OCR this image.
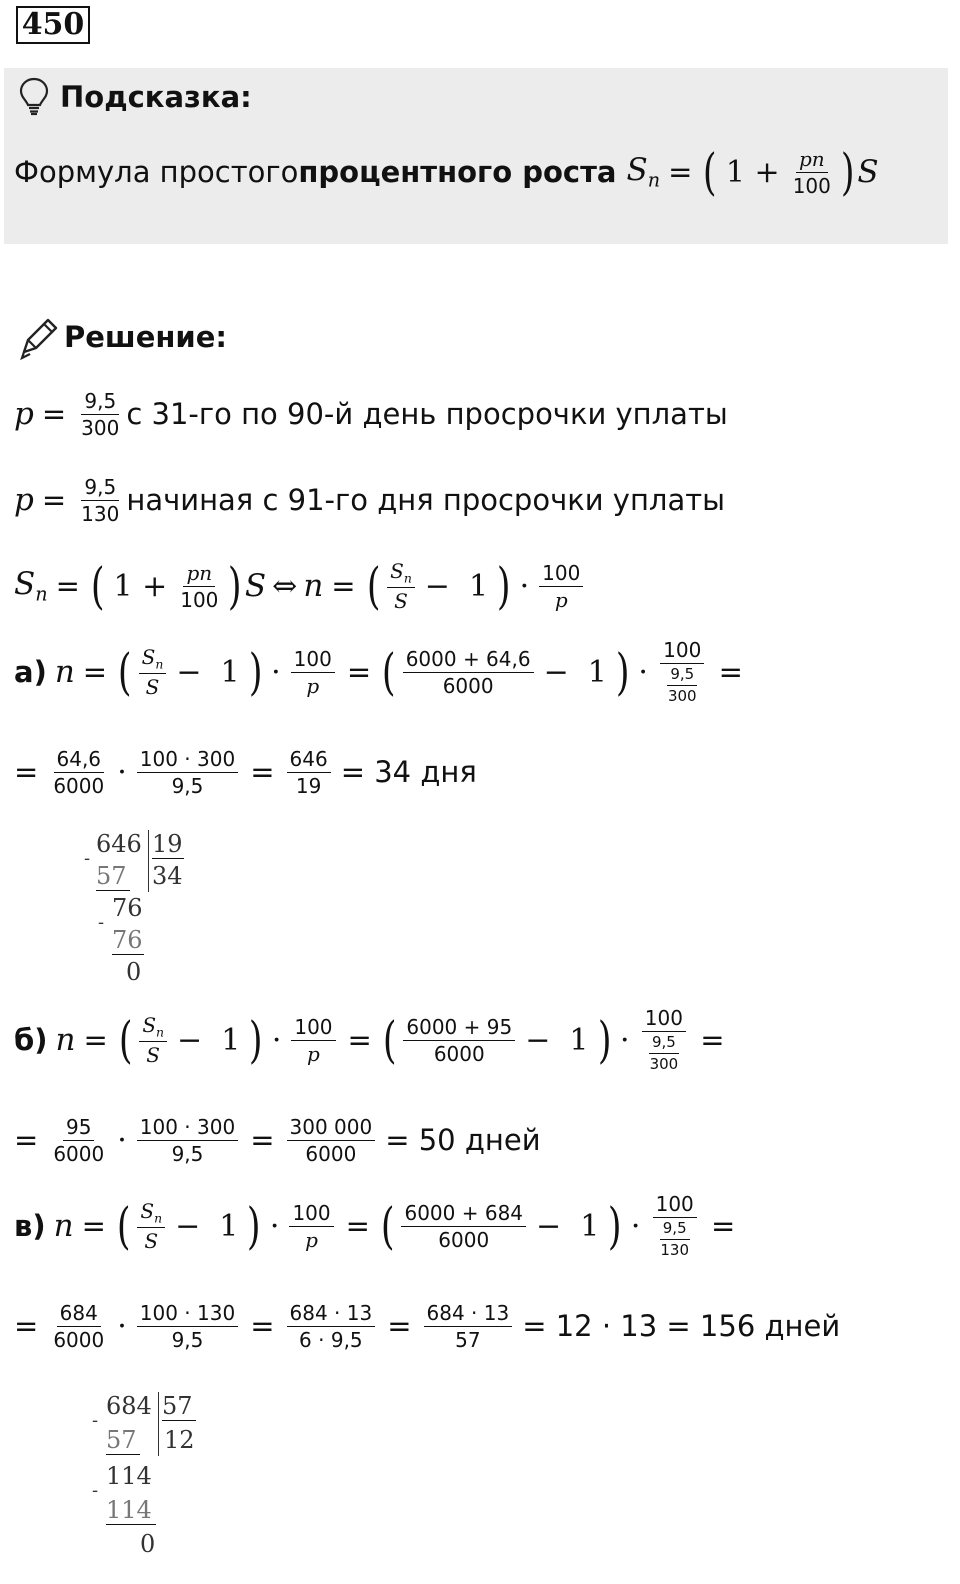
450
Подсказка:
Формула простого процентного роста $S_n$ = ( $1 + \frac{pn}{100}$ ) S
Решение:
$p = \frac{9,5}{300}$ с 31-го по 90-й день просрочки уплаты
$p = \frac{9,5}{130}$ начиная с 91-го дня просрочки уплаты
$S_n$ = ( $1 + \frac{pn}{100}$ ) S ⇔ n = ( $\frac{S_n}{S} - 1$ ) · $\frac{100}{p}$
а) n = ( $\frac{S_n}{S} - 1$ ) · $\frac{100}{p}$ = ( $\frac{6000 + 64,6}{6000} - 1$ ) · $\frac{100}{\frac{9,5}{300}}$ =
= $\frac{64,6}{6000} \cdot \frac{100 \cdot 300}{9,5} = \frac{646}{19} = 34$ дня
646 19
-
57 34
76
-
76
0
б) n = ( $\frac{S_n}{S} - 1$ ) · $\frac{100}{p}$ = ( $\frac{6000 + 95}{6000} - 1$ ) · $\frac{100}{\frac{9,5}{300}}$ =
= $\frac{95}{6000} \cdot \frac{100 \cdot 300}{9,5} = \frac{300 000}{6000} = 50$ дней
в) n = ( $\frac{S_n}{S} - 1$ ) · $\frac{100}{p}$ = ( $\frac{6000 + 684}{6000} - 1$ ) · $\frac{100}{\frac{9,5}{130}}$ =
= $\frac{684}{6000} \cdot \frac{100 \cdot 130}{9,5} = \frac{684 \cdot 13}{6 \cdot 9,5} = \frac{684 \cdot 13}{57} = 12 \cdot 13 = 156$ дней
684 57
-
57 12
114
-
114
0
